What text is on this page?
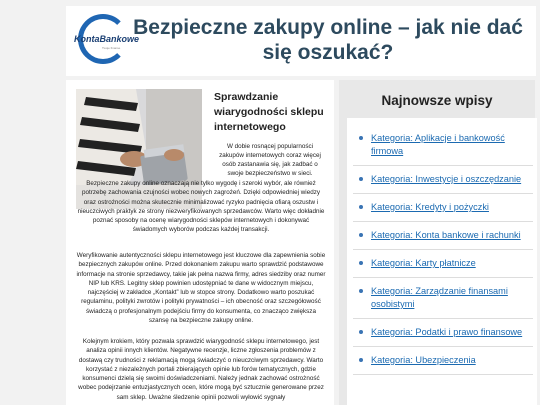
KontaBankowe
Twoje finanse
Bezpieczne zakupy online – jak nie dać się oszukać?
Sprawdzanie wiarygodności sklepu internetowego

W dobie rosnącej popularności zakupów internetowych coraz więcej osób zastanawia się, jak zadbać o swoje bezpieczeństwo w sieci.

Bezpieczne zakupy online oznaczają nie tylko wygodę i szeroki wybór, ale również potrzebę zachowania czujności wobec nowych zagrożeń. Dzięki odpowiedniej wiedzy oraz ostrożności można skutecznie minimalizować ryzyko padnięcia ofiarą oszustw i nieuczciwych praktyk ze strony niezweryfikowanych sprzedawców. Warto więc dokładnie poznać sposoby na ocenę wiarygodności sklepów internetowych i dokonywać świadomych wyborów podczas każdej transakcji.

Weryfikowanie autentyczności sklepu internetowego jest kluczowe dla zapewnienia sobie bezpiecznych zakupów online. Przed dokonaniem zakupu warto sprawdzić podstawowe informacje na stronie sprzedawcy, takie jak pełna nazwa firmy, adres siedziby oraz numer NIP lub KRS. Legitny sklep powinien udostępniać te dane w widocznym miejscu, najczęściej w zakładce „Kontakt” lub w stopce strony. Dodatkowo warto poszukać regulaminu, polityki zwrotów i polityki prywatności – ich obecność oraz szczegółowość świadczą o profesjonalnym podejściu firmy do konsumenta, co znacząco zwiększa szansę na bezpieczne zakupy online.

Kolejnym krokiem, który pozwala sprawdzić wiarygodność sklepu internetowego, jest analiza opinii innych klientów. Negatywne recenzje, liczne zgłoszenia problemów z dostawą czy trudności z reklamacją mogą świadczyć o nieuczciwym sprzedawcy. Warto korzystać z niezależnych portali zbierających opinie lub forów tematycznych, gdzie konsumenci dzielą się swoimi doświadczeniami. Należy jednak zachować ostrożność wobec podejrzanie entuzjastycznych ocen, które mogą być sztucznie generowane przez sam sklep. Uważne śledzenie opinii pozwoli wyłowić sygnały

Najnowsze wpisy
Kategoria: Aplikacje i bankowość firmowa
Kategoria: Inwestycje i oszczędzanie
Kategoria: Kredyty i pożyczki
Kategoria: Konta bankowe i rachunki
Kategoria: Karty płatnicze
Kategoria: Zarządzanie finansami osobistymi
Kategoria: Podatki i prawo finansowe
Kategoria: Ubezpieczenia
